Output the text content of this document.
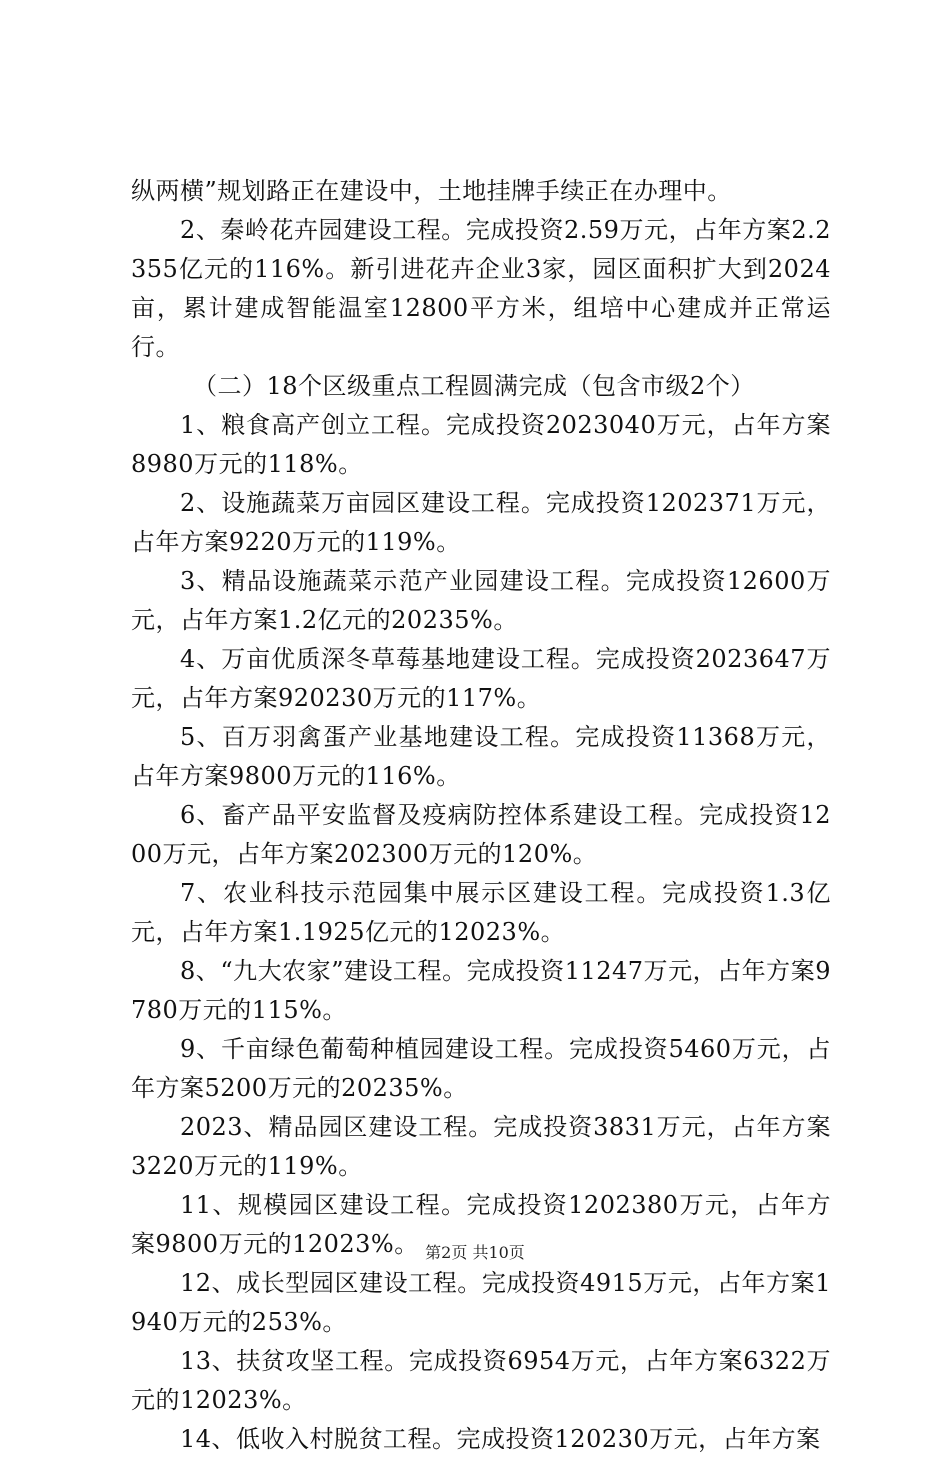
纵两横”规划路正在建设中，土地挂牌手续正在办理中。

2、秦岭花卉园建设工程。完成投资2.59万元，占年方案2.2355亿元的116%。新引进花卉企业3家，园区面积扩大到2024亩，累计建成智能温室12800平方米，组培中心建成并正常运行。

（二）18个区级重点工程圆满完成（包含市级2个）

1、粮食高产创立工程。完成投资2023040万元，占年方案8980万元的118%。

2、设施蔬菜万亩园区建设工程。完成投资1202371万元，占年方案9220万元的119%。

3、精品设施蔬菜示范产业园建设工程。完成投资12600万元，占年方案1.2亿元的20235%。

4、万亩优质深冬草莓基地建设工程。完成投资2023647万元，占年方案920230万元的117%。

5、百万羽禽蛋产业基地建设工程。完成投资11368万元，占年方案9800万元的116%。

6、畜产品平安监督及疫病防控体系建设工程。完成投资1200万元，占年方案202300万元的120%。

7、农业科技示范园集中展示区建设工程。完成投资1.3亿元，占年方案1.1925亿元的12023%。

8、“九大农家”建设工程。完成投资11247万元，占年方案9780万元的115%。

9、千亩绿色葡萄种植园建设工程。完成投资5460万元，占年方案5200万元的20235%。

2023、精品园区建设工程。完成投资3831万元，占年方案3220万元的119%。

11、规模园区建设工程。完成投资1202380万元，占年方案9800万元的12023%。

12、成长型园区建设工程。完成投资4915万元，占年方案1940万元的253%。

13、扶贫攻坚工程。完成投资6954万元，占年方案6322万元的12023%。

14、低收入村脱贫工程。完成投资120230万元，占年方案

第2页 共10页
